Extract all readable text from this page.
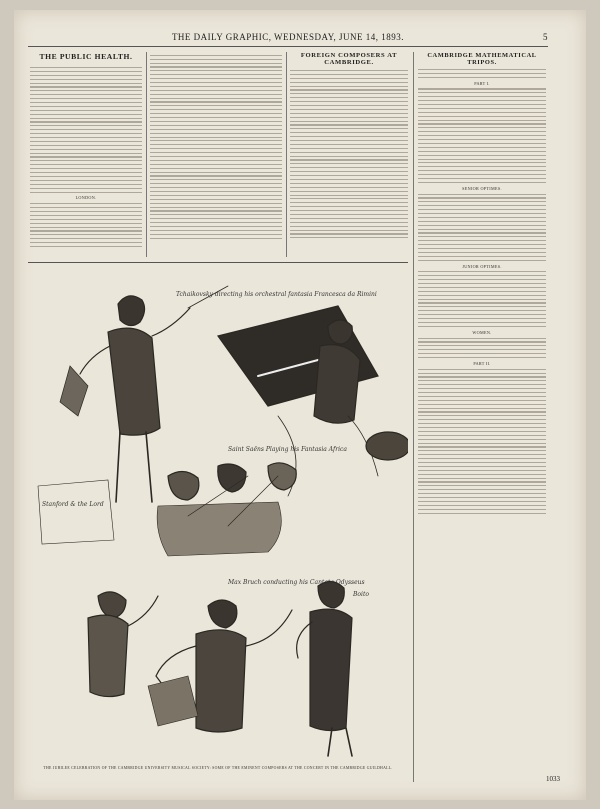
THE DAILY GRAPHIC, WEDNESDAY, JUNE 14, 1893.	5
THE PUBLIC HEALTH.
LONDON.
FOREIGN COMPOSERS AT CAMBRIDGE.
CAMBRIDGE MATHEMATICAL TRIPOS.
PART I.
SENIOR OPTIMES.
JUNIOR OPTIMES.
WOMEN.
PART II.
Tchaikovsky directing his orchestral fantasia Francesca da Rimini
Saint Saëns Playing his Fantasia Africa
Stanford & the Lord
Max Bruch conducting his Cantata Odysseus
Boito
THE JUBILEE CELEBRATION OF THE CAMBRIDGE UNIVERSITY MUSICAL SOCIETY: SOME OF THE EMINENT COMPOSERS AT THE CONCERT IN THE CAMBRIDGE GUILDHALL.
1033
